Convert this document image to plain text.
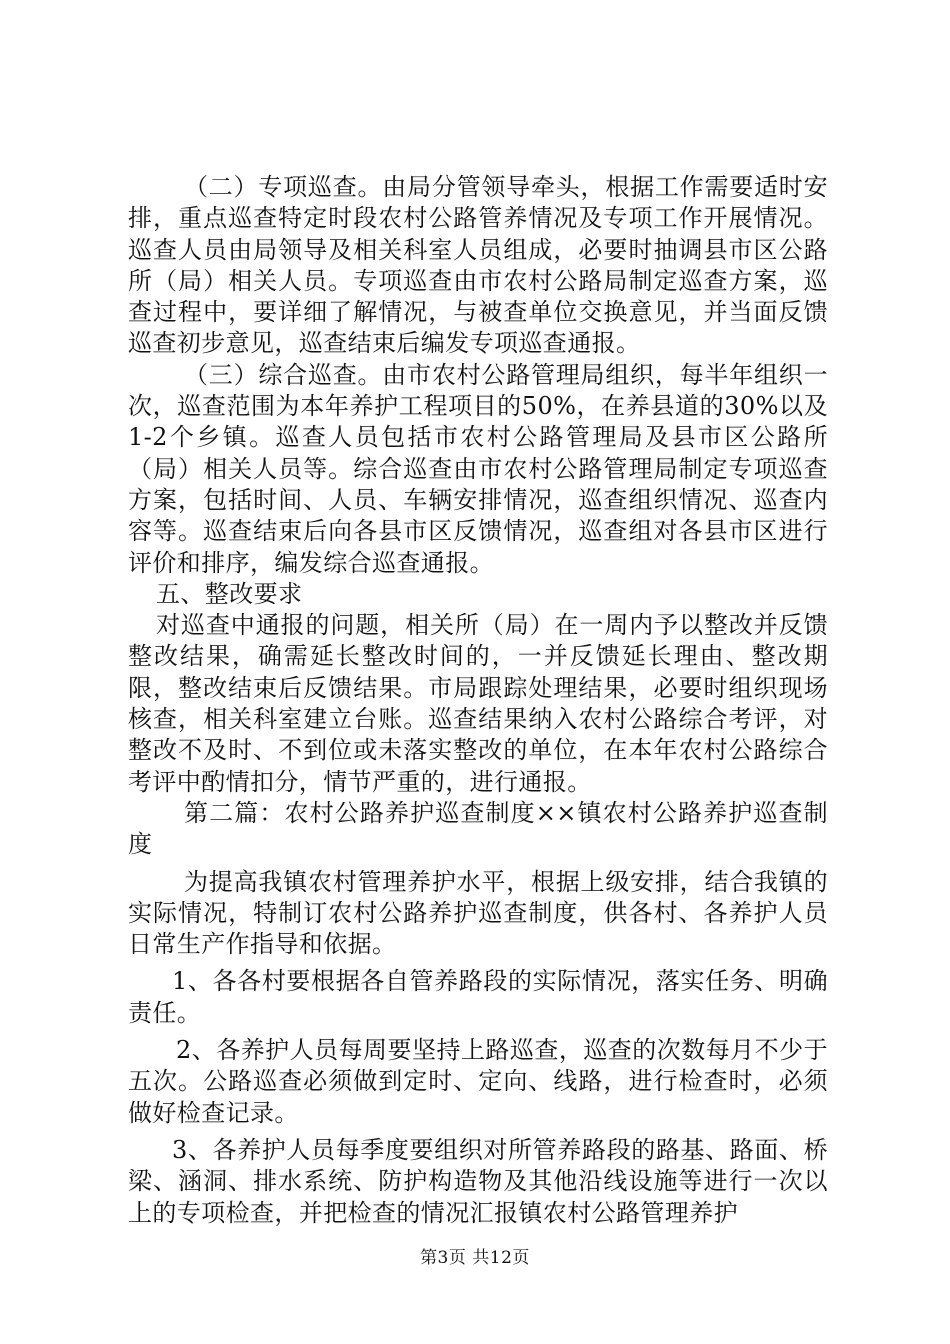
（二）专项巡查。由局分管领导牵头，根据工作需要适时安排，重点巡查特定时段农村公路管养情况及专项工作开展情况。巡查人员由局领导及相关科室人员组成，必要时抽调县市区公路所（局）相关人员。专项巡查由市农村公路局制定巡查方案，巡查过程中，要详细了解情况，与被查单位交换意见，并当面反馈巡查初步意见，巡查结束后编发专项巡查通报。

（三）综合巡查。由市农村公路管理局组织，每半年组织一次，巡查范围为本年养护工程项目的50%，在养县道的30%以及1-2个乡镇。巡查人员包括市农村公路管理局及县市区公路所（局）相关人员等。综合巡查由市农村公路管理局制定专项巡查方案，包括时间、人员、车辆安排情况，巡查组织情况、巡查内容等。巡查结束后向各县市区反馈情况，巡查组对各县市区进行评价和排序，编发综合巡查通报。

五、整改要求

对巡查中通报的问题，相关所（局）在一周内予以整改并反馈整改结果，确需延长整改时间的，一并反馈延长理由、整改期限，整改结束后反馈结果。市局跟踪处理结果，必要时组织现场核查，相关科室建立台账。巡查结果纳入农村公路综合考评，对整改不及时、不到位或未落实整改的单位，在本年农村公路综合考评中酌情扣分，情节严重的，进行通报。

第二篇：农村公路养护巡查制度××镇农村公路养护巡查制度

为提高我镇农村管理养护水平，根据上级安排，结合我镇的实际情况，特制订农村公路养护巡查制度，供各村、各养护人员日常生产作指导和依据。

1、各各村要根据各自管养路段的实际情况，落实任务、明确责任。

2、各养护人员每周要坚持上路巡查，巡查的次数每月不少于五次。公路巡查必须做到定时、定向、线路，进行检查时，必须做好检查记录。

3、各养护人员每季度要组织对所管养路段的路基、路面、桥梁、涵洞、排水系统、防护构造物及其他沿线设施等进行一次以上的专项检查，并把检查的情况汇报镇农村公路管理养护

第3页 共12页
